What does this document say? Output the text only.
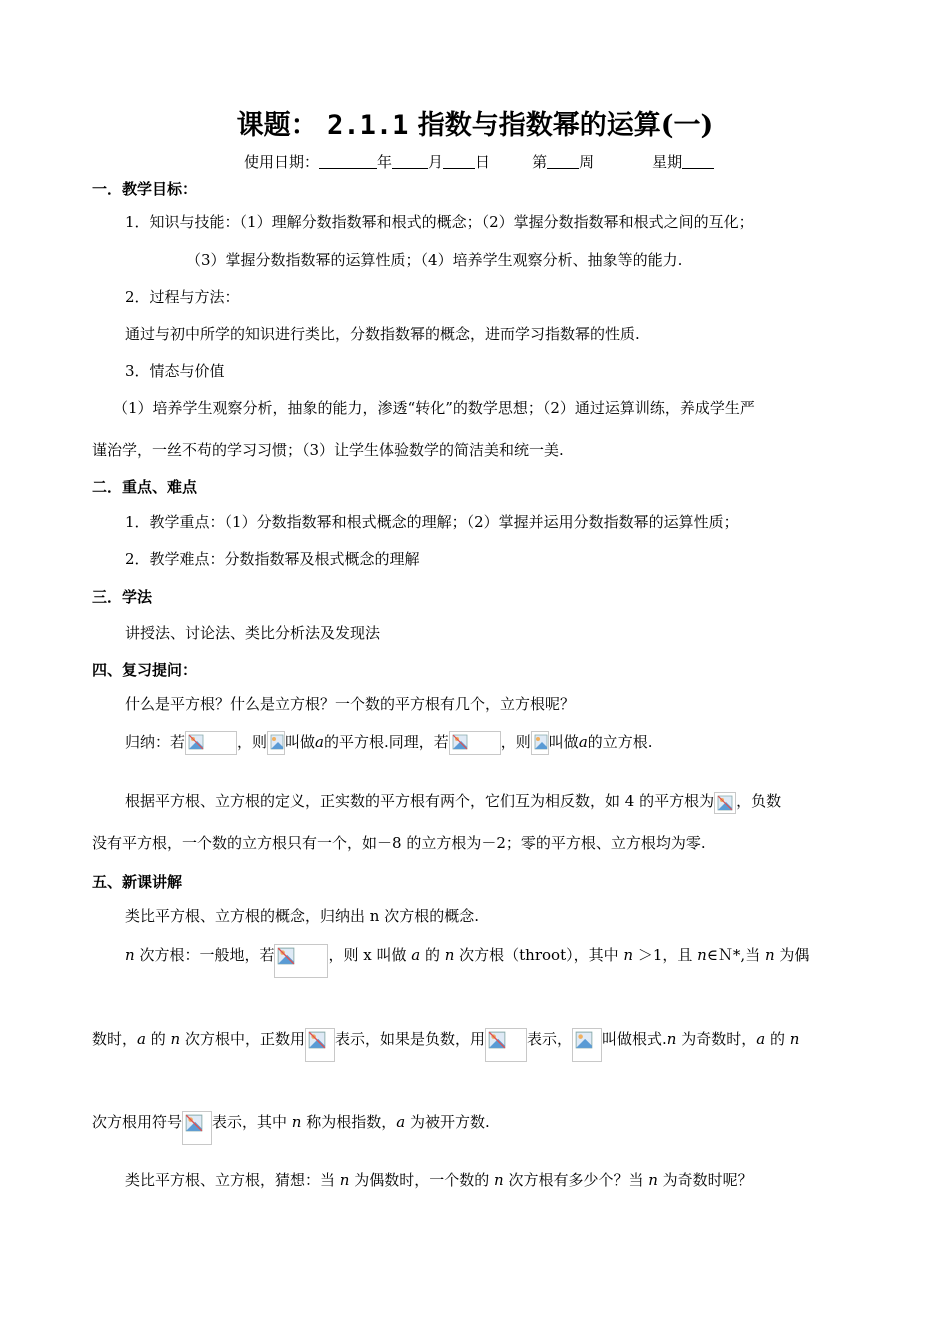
课题： 2.1.1 指数与指数幂的运算(一)
使用日期：	年 月 日	第 周	星期
一．教学目标：
1．知识与技能：（1）理解分数指数幂和根式的概念；（2）掌握分数指数幂和根式之间的互化；
（3）掌握分数指数幂的运算性质；（4）培养学生观察分析、抽象等的能力.
2．过程与方法：
通过与初中所学的知识进行类比，分数指数幂的概念，进而学习指数幂的性质.
3．情态与价值
（1）培养学生观察分析，抽象的能力，渗透“转化”的数学思想；（2）通过运算训练，养成学生严
谨治学，一丝不苟的学习习惯；（3）让学生体验数学的简洁美和统一美.
二．重点、难点
1．教学重点：（1）分数指数幂和根式概念的理解；（2）掌握并运用分数指数幂的运算性质；
2．教学难点：分数指数幂及根式概念的理解
三．学法
讲授法、讨论法、类比分析法及发现法
四、复习提问：
什么是平方根？什么是立方根？一个数的平方根有几个，立方根呢？
归纳：若	，则 叫做a的平方根.同理，若	，则 叫做a的立方根.
根据平方根、立方根的定义，正实数的平方根有两个，它们互为相反数，如 4 的平方根为 ，负数
没有平方根，一个数的立方根只有一个，如－8 的立方根为－2；零的平方根、立方根均为零.
五、新课讲解
类比平方根、立方根的概念，归纳出 n 次方根的概念.
n 次方根：一般地，若	，则 x 叫做 a 的 n 次方根（throot），其中 n ＞1，且 n∈Ｎ*,当 n 为偶
数时，a 的 n 次方根中，正数用 表示，如果是负数，用	表示， 叫做根式.n 为奇数时，a 的 n
次方根用符号 表示，其中 n 称为根指数，a 为被开方数.
类比平方根、立方根，猜想：当 n 为偶数时，一个数的 n 次方根有多少个？当 n 为奇数时呢？
